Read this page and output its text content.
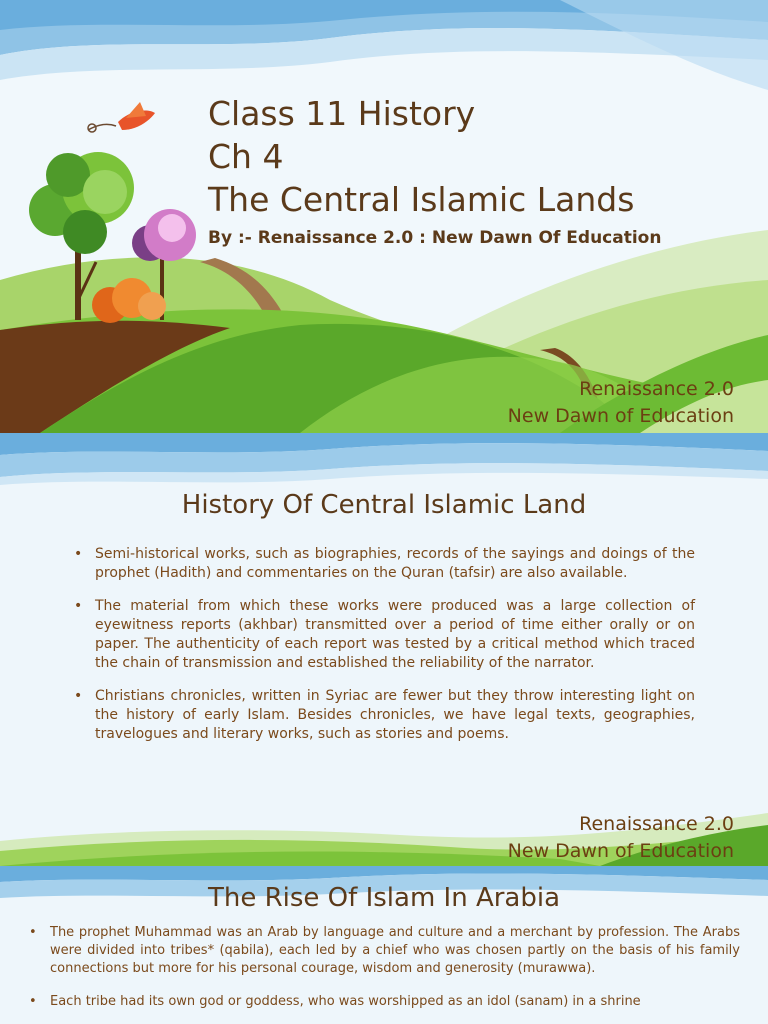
Class 11 History
Ch 4
The Central Islamic Lands

By :- Renaissance 2.0 : New Dawn Of Education

Renaissance 2.0
New Dawn of Education
History Of Central Islamic Land
• Semi-historical works, such as biographies, records of the sayings and doings of the prophet (Hadith) and commentaries on the Quran (tafsir) are also available.
• The material from which these works were produced was a large collection of eyewitness reports (akhbar) transmitted over a period of time either orally or on paper. The authenticity of each report was tested by a critical method which traced the chain of transmission and established the reliability of the narrator.
• Christians chronicles, written in Syriac are fewer but they throw interesting light on the history of early Islam. Besides chronicles, we have legal texts, geographies, travelogues and literary works, such as stories and poems.
Renaissance 2.0
New Dawn of Education
The Rise Of Islam In Arabia
• The prophet Muhammad was an Arab by language and culture and a merchant by profession. The Arabs were divided into tribes* (qabila), each led by a chief who was chosen partly on the basis of his family connections but more for his personal courage, wisdom and generosity (murawwa).
• Each tribe had its own god or goddess, who was worshipped as an idol (sanam) in a shrine
